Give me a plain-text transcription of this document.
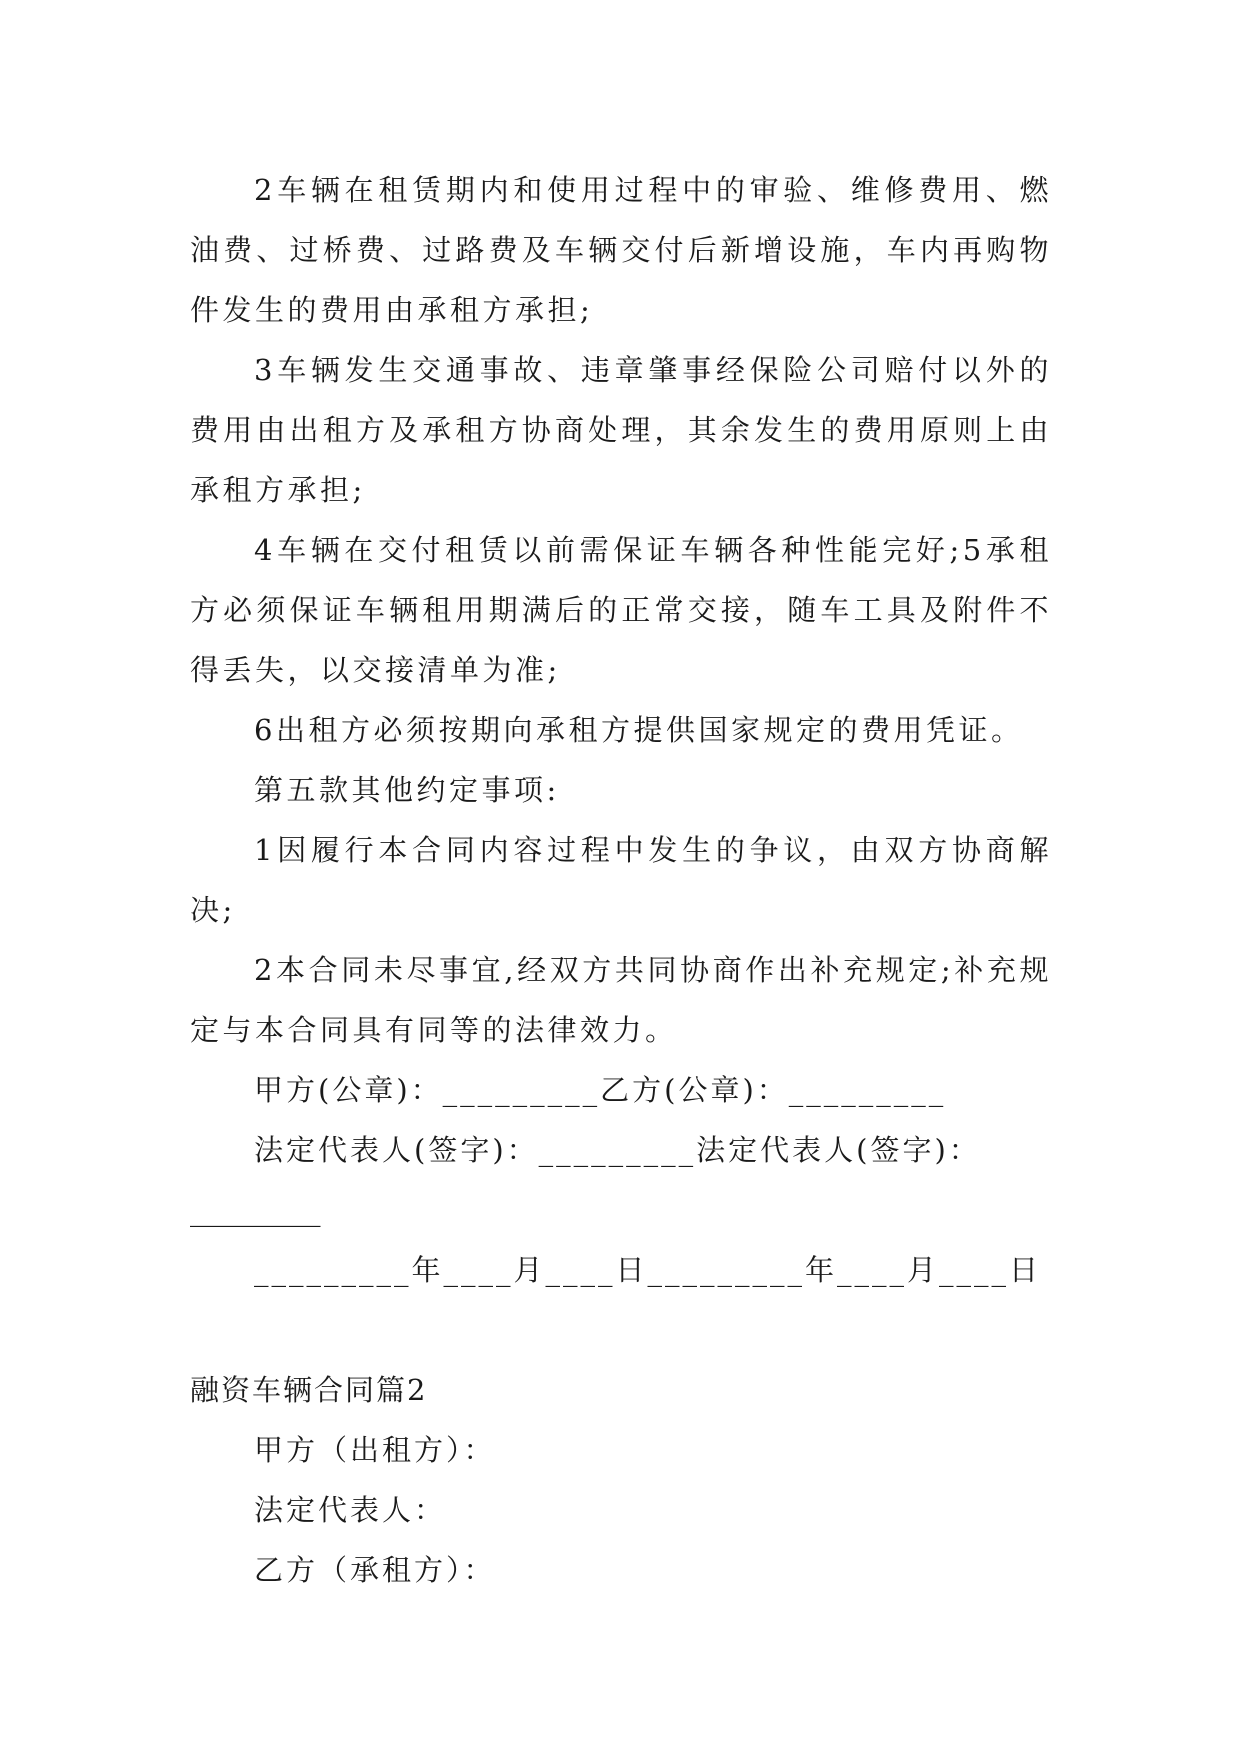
2车辆在租赁期内和使用过程中的审验、维修费用、燃油费、过桥费、过路费及车辆交付后新增设施，车内再购物件发生的费用由承租方承担;

3车辆发生交通事故、违章肇事经保险公司赔付以外的费用由出租方及承租方协商处理，其余发生的费用原则上由承租方承担;

4车辆在交付租赁以前需保证车辆各种性能完好;5承租方必须保证车辆租用期满后的正常交接，随车工具及附件不得丢失，以交接清单为准;

6出租方必须按期向承租方提供国家规定的费用凭证。

第五款其他约定事项:

1因履行本合同内容过程中发生的争议，由双方协商解决;

2本合同未尽事宜,经双方共同协商作出补充规定;补充规定与本合同具有同等的法律效力。

甲方(公章)：_________乙方(公章)：_________

法定代表人(签字)：_________法定代表人(签字)：

_________

_________年____月____日_________年____月____日

融资车辆合同篇2

甲方（出租方）：

法定代表人：

乙方（承租方）：
